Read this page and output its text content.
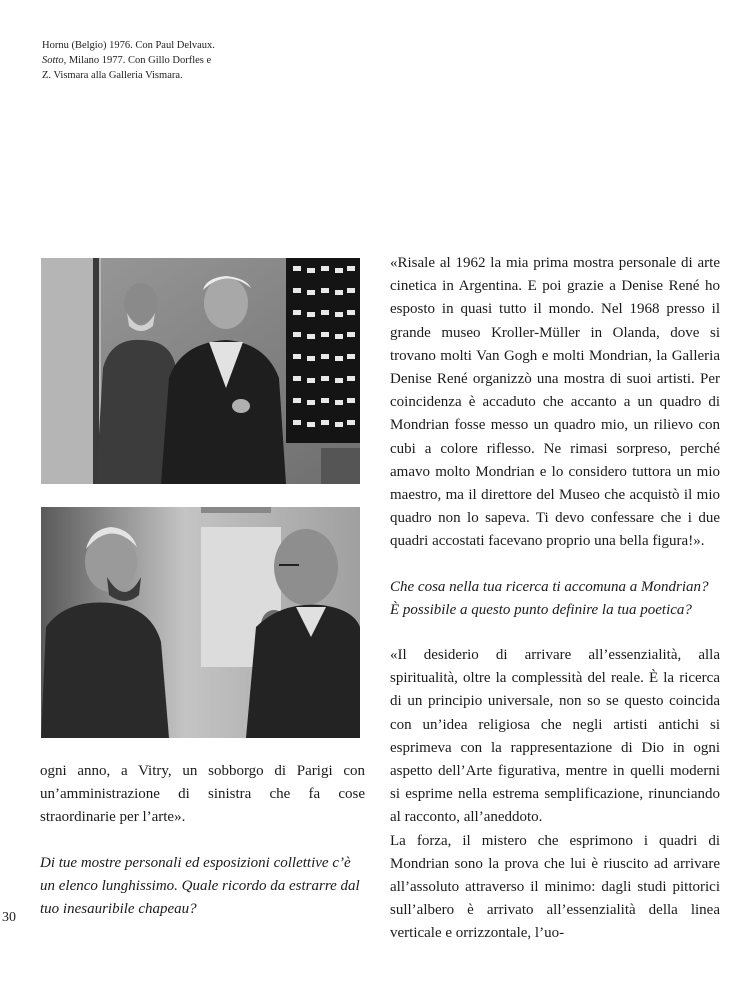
Hornu (Belgio) 1976. Con Paul Delvaux.
Sotto, Milano 1977. Con Gillo Dorfles e
Z. Vismara alla Galleria Vismara.

ogni anno, a Vitry, un sobborgo di Parigi con un’amministrazione di sinistra che fa cose straordinarie per l’arte».

Di tue mostre personali ed esposizioni collettive c’è un elenco lunghissimo. Quale ricordo da estrarre dal tuo inesauribile chapeau?

«Risale al 1962 la mia prima mostra personale di arte cinetica in Argentina. E poi grazie a Denise René ho esposto in quasi tutto il mondo. Nel 1968 presso il grande museo Kroller-Müller in Olanda, dove si trovano molti Van Gogh e molti Mondrian, la Galleria Denise René organizzò una mostra di suoi artisti. Per coincidenza è accaduto che accanto a un quadro di Mondrian fosse messo un quadro mio, un rilievo con cubi a colore riflesso. Ne rimasi sorpreso, perché amavo molto Mondrian e lo considero tuttora un mio maestro, ma il direttore del Museo che acquistò il mio quadro non lo sapeva. Ti devo confessare che i due quadri accostati facevano proprio una bella figura!».

Che cosa nella tua ricerca ti accomuna a Mondrian? È possibile a questo punto definire la tua poetica?

«Il desiderio di arrivare all’essenzialità, alla spiritualità, oltre la complessità del reale. È la ricerca di un principio universale, non so se questo coincida con un’idea religiosa che negli artisti antichi si esprimeva con la rappresentazione di Dio in ogni aspetto dell’Arte figurativa, mentre in quelli moderni si esprime nella estrema semplificazione, rinunciando al racconto, all’aneddoto.

La forza, il mistero che esprimono i quadri di Mondrian sono la prova che lui è riuscito ad arrivare all’assoluto attraverso il minimo: dagli studi pittorici sull’albero è arrivato all’essenzialità della linea verticale e orrizzontale, l’uo-

30
